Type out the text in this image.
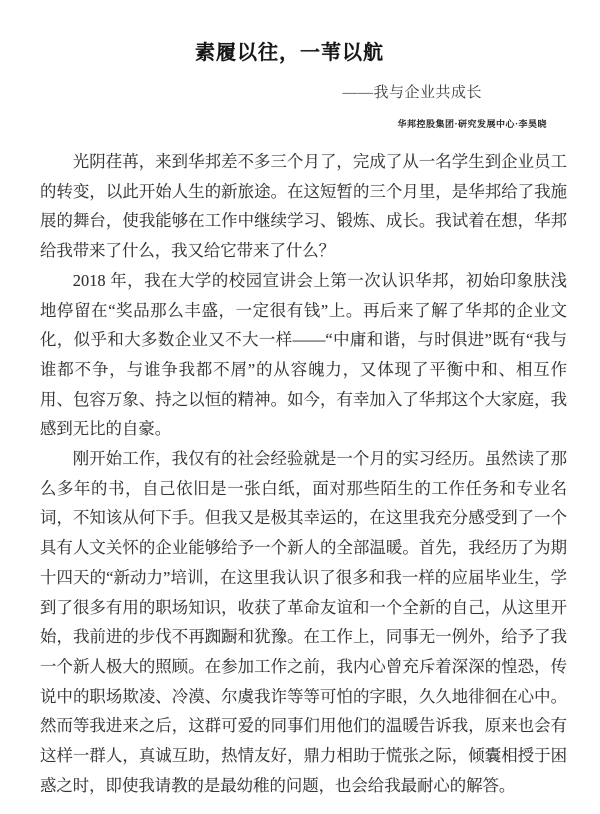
素履以往，一苇以航
——我与企业共成长
华邦控股集团·研究发展中心·李昊晓

光阴荏苒，来到华邦差不多三个月了，完成了从一名学生到企业员工的转变，以此开始人生的新旅途。在这短暂的三个月里，是华邦给了我施展的舞台，使我能够在工作中继续学习、锻炼、成长。我试着在想，华邦给我带来了什么，我又给它带来了什么？

2018 年，我在大学的校园宣讲会上第一次认识华邦，初始印象肤浅地停留在“奖品那么丰盛，一定很有钱”上。再后来了解了华邦的企业文化，似乎和大多数企业又不大一样——“中庸和谐，与时俱进”既有“我与谁都不争，与谁争我都不屑”的从容魄力，又体现了平衡中和、相互作用、包容万象、持之以恒的精神。如今，有幸加入了华邦这个大家庭，我感到无比的自豪。

刚开始工作，我仅有的社会经验就是一个月的实习经历。虽然读了那么多年的书，自己依旧是一张白纸，面对那些陌生的工作任务和专业名词，不知该从何下手。但我又是极其幸运的，在这里我充分感受到了一个具有人文关怀的企业能够给予一个新人的全部温暖。首先，我经历了为期十四天的“新动力”培训，在这里我认识了很多和我一样的应届毕业生，学到了很多有用的职场知识，收获了革命友谊和一个全新的自己，从这里开始，我前进的步伐不再踟蹰和犹豫。在工作上，同事无一例外，给予了我一个新人极大的照顾。在参加工作之前，我内心曾充斥着深深的惶恐，传说中的职场欺凌、冷漠、尔虞我诈等等可怕的字眼，久久地徘徊在心中。然而等我进来之后，这群可爱的同事们用他们的温暖告诉我，原来也会有这样一群人，真诚互助，热情友好，鼎力相助于慌张之际，倾囊相授于困惑之时，即使我请教的是最幼稚的问题，也会给我最耐心的解答。
